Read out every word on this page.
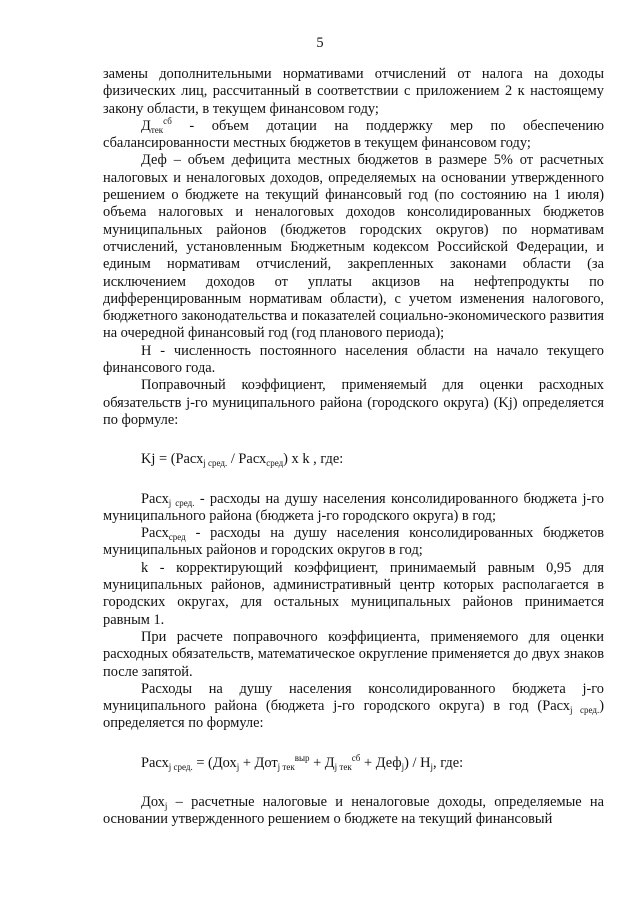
5

замены дополнительными нормативами отчислений от налога на доходы физических лиц, рассчитанный в соответствии с приложением 2 к настоящему закону области, в текущем финансовом году;

$Д_{тек}^{сб}$ - объем дотации на поддержку мер по обеспечению сбалансированности местных бюджетов в текущем финансовом году;

Деф – объем дефицита местных бюджетов в размере 5% от расчетных налоговых и неналоговых доходов, определяемых на основании утвержденного решением о бюджете на текущий финансовый год (по состоянию на 1 июля) объема налоговых и неналоговых доходов консолидированных бюджетов муниципальных районов (бюджетов городских округов) по нормативам отчислений, установленным Бюджетным кодексом Российской Федерации, и единым нормативам отчислений, закрепленных законами области (за исключением доходов от уплаты акцизов на нефтепродукты по дифференцированным нормативам области), с учетом изменения налогового, бюджетного законодательства и показателей социально-экономического развития на очередной финансовый год (год планового периода);

Н - численность постоянного населения области на начало текущего финансового года.

Поправочный коэффициент, применяемый для оценки расходных обязательств j-го муниципального района (городского округа) (Kj) определяется по формуле:

Kj = (Расх$_{j сред.}$ / Расх$_{сред}$) x k , где:

Расх$_{j сред.}$ - расходы на душу населения консолидированного бюджета j-го муниципального района (бюджета j-го городского округа) в год;

Расх$_{сред}$ - расходы на душу населения консолидированных бюджетов муниципальных районов и городских округов в год;

k - корректирующий коэффициент, принимаемый равным 0,95 для муниципальных районов, административный центр которых располагается в городских округах, для остальных муниципальных районов принимается равным 1.

При расчете поправочного коэффициента, применяемого для оценки расходных обязательств, математическое округление применяется до двух знаков после запятой.

Расходы на душу населения консолидированного бюджета j-го муниципального района (бюджета j-го городского округа) в год (Расх$_{j сред.}$) определяется по формуле:

Расх$_{j сред.}$ = $(Дох_j + Дот_{j тек}^{выр} + Д_{j тек}^{сб} + Деф_j) / Н_j$, где:

Дох$_j$ – расчетные налоговые и неналоговые доходы, определяемые на основании утвержденного решением о бюджете на текущий финансовый
